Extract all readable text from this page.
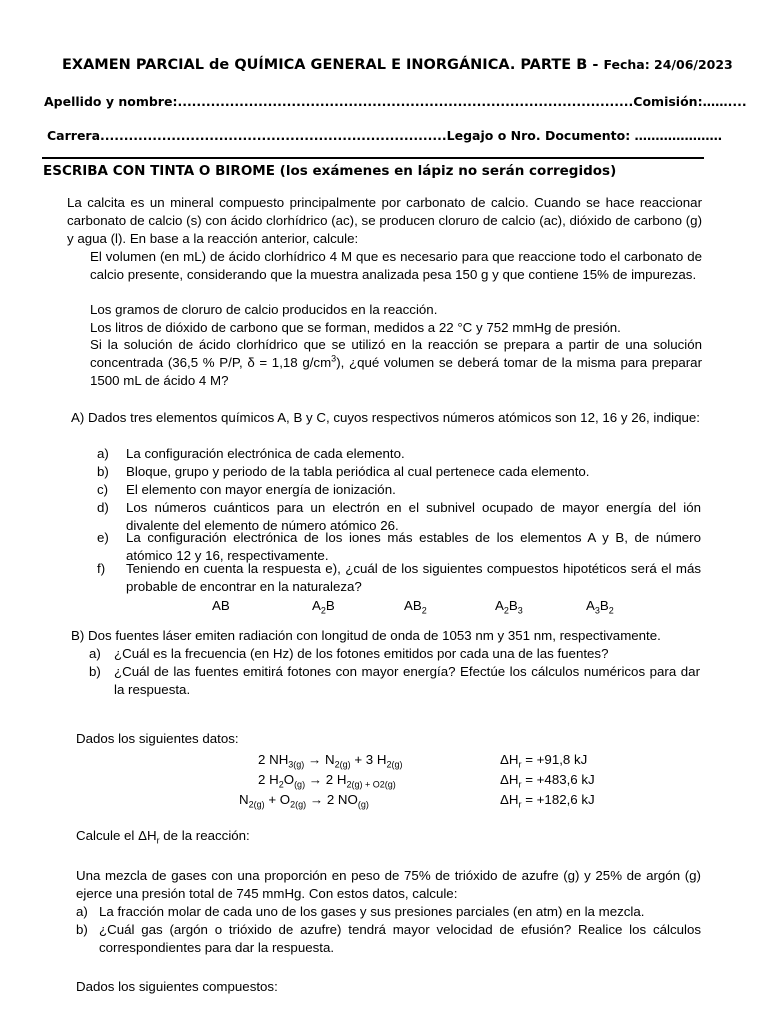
EXAMEN PARCIAL de QUÍMICA GENERAL E INORGÁNICA. PARTE B - Fecha: 24/06/2023
Apellido y nombre:................................................................................................Comisión:……....
Carrera.........................................................................Legajo o Nro. Documento: …………………
ESCRIBA CON TINTA O BIROME (los exámenes en lápiz no serán corregidos)
La calcita es un mineral compuesto principalmente por carbonato de calcio. Cuando se hace reaccionar carbonato de calcio (s) con ácido clorhídrico (ac), se producen cloruro de calcio (ac), dióxido de carbono (g) y agua (l). En base a la reacción anterior, calcule:
El volumen (en mL) de ácido clorhídrico 4 M que es necesario para que reaccione todo el carbonato de calcio presente, considerando que la muestra analizada pesa 150 g y que contiene 15% de impurezas.
Los gramos de cloruro de calcio producidos en la reacción.
Los litros de dióxido de carbono que se forman, medidos a 22 °C y 752 mmHg de presión.
Si la solución de ácido clorhídrico que se utilizó en la reacción se prepara a partir de una solución concentrada (36,5 % P/P, δ = 1,18 $g/cm^3$), ¿qué volumen se deberá tomar de la misma para preparar 1500 mL de ácido 4 M?
A) Dados tres elementos químicos A, B y C, cuyos respectivos números atómicos son 12, 16 y 26, indique:
a) La configuración electrónica de cada elemento.
b) Bloque, grupo y periodo de la tabla periódica al cual pertenece cada elemento.
c) El elemento con mayor energía de ionización.
d) Los números cuánticos para un electrón en el subnivel ocupado de mayor energía del ión divalente del elemento de número atómico 26.
e) La configuración electrónica de los iones más estables de los elementos A y B, de número atómico 12 y 16, respectivamente.
f) Teniendo en cuenta la respuesta e), ¿cuál de los siguientes compuestos hipotéticos será el más probable de encontrar en la naturaleza?
AB	$A_2B$	$AB_2$	$A_2B_3$	$A_3B_2$
B) Dos fuentes láser emiten radiación con longitud de onda de 1053 nm y 351 nm, respectivamente.
a) ¿Cuál es la frecuencia (en Hz) de los fotones emitidos por cada una de las fuentes?
b) ¿Cuál de las fuentes emitirá fotones con mayor energía? Efectúe los cálculos numéricos para dar la respuesta.
Dados los siguientes datos:
2 $NH_{3(g)} \to N_{2(g)} + 3$ $H_{2(g)}$	$\Delta H_r = +91,8$ kJ
2 $H_2O_{(g)} \to 2$ $H_{2(g) + O2(g)}$	$\Delta H_r = +483,6$ kJ
$N_{2(g)} + O_{2(g)} \to 2$ $NO_{(g)}$	$\Delta H_r = +182,6$ kJ
Calcule el $\Delta H_r$ de la reacción:
Una mezcla de gases con una proporción en peso de 75% de trióxido de azufre (g) y 25% de argón (g) ejerce una presión total de 745 mmHg. Con estos datos, calcule:
a) La fracción molar de cada uno de los gases y sus presiones parciales (en atm) en la mezcla.
b) ¿Cuál gas (argón o trióxido de azufre) tendrá mayor velocidad de efusión? Realice los cálculos correspondientes para dar la respuesta.
Dados los siguientes compuestos:
